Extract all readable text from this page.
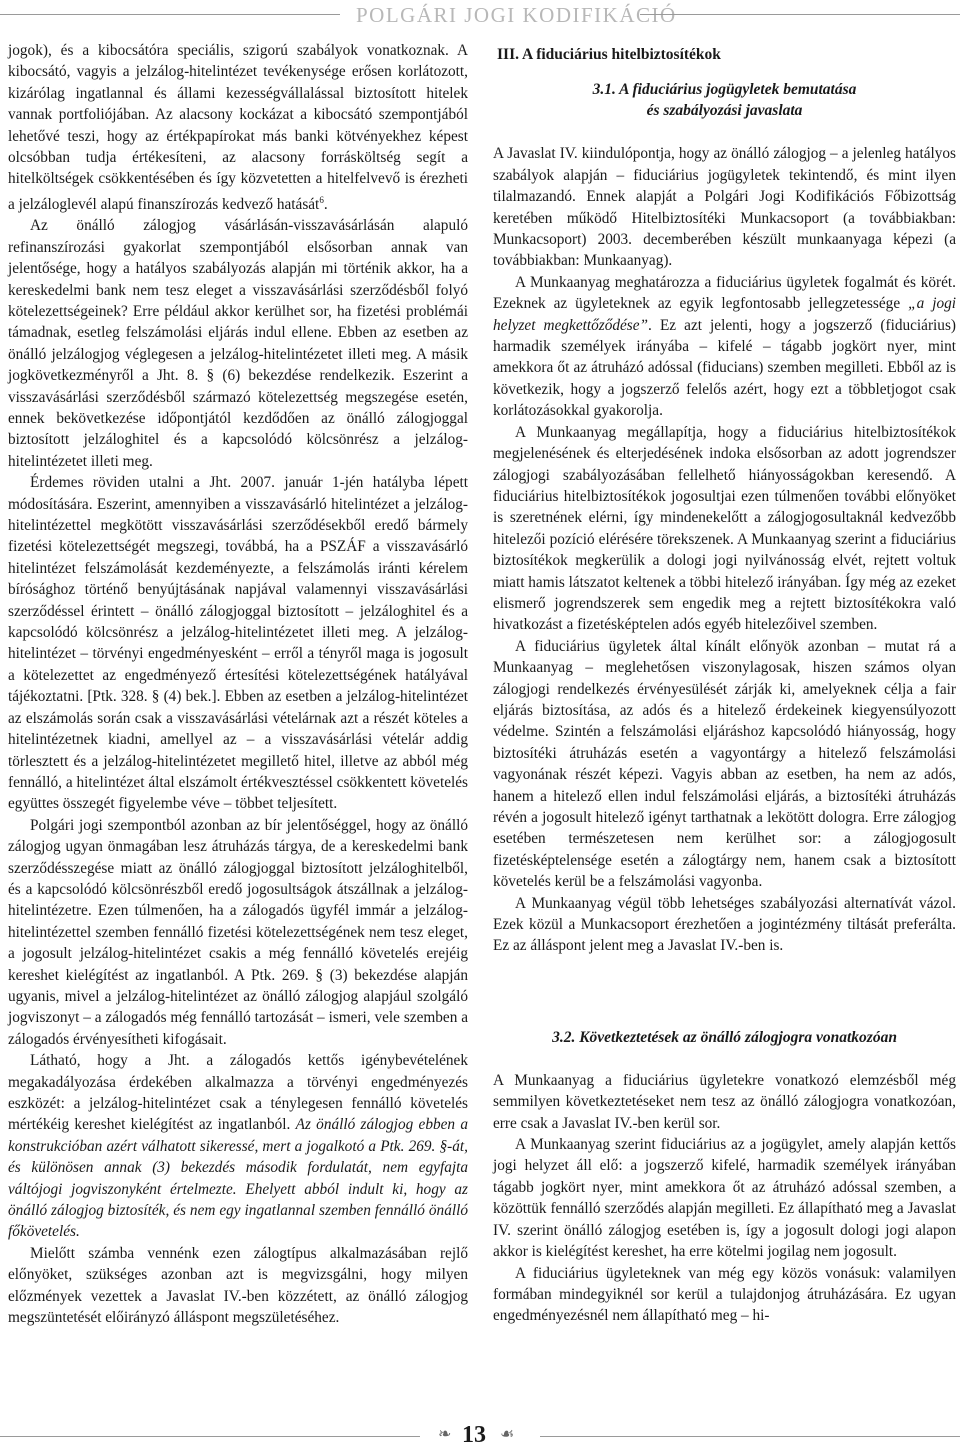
POLGÁRI JOGI KODIFIKÁCIÓ

jogok), és a kibocsátóra speciális, szigorú szabályok vonatkoznak. A kibocsátó, vagyis a jelzálog-hitelintézet tevékenysége erősen korlátozott, kizárólag ingatlannal és állami kezességvállalással biztosított hitelek vannak portfoliójában. Az alacsony kockázat a kibocsátó szempontjából lehetővé teszi, hogy az értékpapírokat más banki kötvényekhez képest olcsóbban tudja értékesíteni, az alacsony forrásköltség segít a hitelköltségek csökkentésében és így közvetetten a hitelfelvevő is érezheti a jelzáloglevél alapú finanszírozás kedvező hatását$^6$.

Az önálló zálogjog vásárlásán-visszavásárlásán alapuló refinanszírozási gyakorlat szempontjából elsősorban annak van jelentősége, hogy a hatályos szabályozás alapján mi történik akkor, ha a kereskedelmi bank nem tesz eleget a visszavásárlási szerződésből folyó kötelezettségeinek? Erre például akkor kerülhet sor, ha fizetési problémái támadnak, esetleg felszámolási eljárás indul ellene. Ebben az esetben az önálló jelzálogjog véglegesen a jelzálog-hitelintézetet illeti meg. A másik jogkövetkezményről a Jht. 8. § (6) bekezdése rendelkezik. Eszerint a visszavásárlási szerződésből származó kötelezettség megszegése esetén, ennek bekövetkezése időpontjától kezdődően az önálló zálogjoggal biztosított jelzáloghitel és a kapcsolódó kölcsönrész a jelzálog-hitelintézetet illeti meg.

Érdemes röviden utalni a Jht. 2007. január 1-jén hatályba lépett módosítására. Eszerint, amennyiben a visszavásárló hitelintézet a jelzálog-hitelintézettel megkötött visszavásárlási szerződésekből eredő bármely fizetési kötelezettségét megszegi, továbbá, ha a PSZÁF a visszavásárló hitelintézet felszámolását kezdeményezte, a felszámolás iránti kérelem bírósághoz történő benyújtásának napjával valamennyi visszavásárlási szerződéssel érintett – önálló zálogjoggal biztosított – jelzáloghitel és a kapcsolódó kölcsönrész a jelzálog-hitelintézetet illeti meg. A jelzálog-hitelintézet – törvényi engedményesként – erről a tényről maga is jogosult a kötelezettet az engedményező értesítési kötelezettségének hatályával tájékoztatni. [Ptk. 328. § (4) bek.]. Ebben az esetben a jelzálog-hitelintézet az elszámolás során csak a visszavásárlási vételárnak azt a részét köteles a hitelintézetnek kiadni, amellyel az – a visszavásárlási vételár addig törlesztett és a jelzálog-hitelintézetet megillető hitel, illetve az abból még fennálló, a hitelintézet által elszámolt értékvesztéssel csökkentett követelés együttes összegét figyelembe véve – többet teljesített.

Polgári jogi szempontból azonban az bír jelentőséggel, hogy az önálló zálogjog ugyan önmagában lesz átruházás tárgya, de a kereskedelmi bank szerződésszegése miatt az önálló zálogjoggal biztosított jelzáloghitelből, és a kapcsolódó kölcsönrészből eredő jogosultságok átszállnak a jelzálog-hitelintézetre. Ezen túlmenően, ha a zálogadós ügyfél immár a jelzálog-hitelintézettel szemben fennálló fizetési kötelezettségének nem tesz eleget, a jogosult jelzálog-hitelintézet csakis a még fennálló követelés erejéig kereshet kielégítést az ingatlanból. A Ptk. 269. § (3) bekezdése alapján ugyanis, mivel a jelzálog-hitelintézet az önálló zálogjog alapjául szolgáló jogviszonyt – a zálogadós még fennálló tartozását – ismeri, vele szemben a zálogadós érvényesítheti kifogásait.

Látható, hogy a Jht. a zálogadós kettős igénybevételének megakadályozása érdekében alkalmazza a törvényi engedményezés eszközét: a jelzálog-hitelintézet csak a ténylegesen fennálló követelés mértékéig kereshet kielégítést az ingatlanból. Az önálló zálogjog ebben a konstrukcióban azért válhatott sikeressé, mert a jogalkotó a Ptk. 269. §-át, és különösen annak (3) bekezdés második fordulatát, nem egyfajta váltójogi jogviszonyként értelmezte. Ehelyett abból indult ki, hogy az önálló zálogjog biztosíték, és nem egy ingatlannal szemben fennálló önálló főkövetelés.

Mielőtt számba vennénk ezen zálogtípus alkalmazásában rejlő előnyöket, szükséges azonban azt is megvizsgálni, hogy milyen előzmények vezettek a Javaslat IV.-ben közzétett, az önálló zálogjog megszüntetését előirányzó álláspont megszületéséhez.

III. A fiduciárius hitelbiztosítékok
3.1. A fiduciárius jogügyletek bemutatása
és szabályozási javaslata

A Javaslat IV. kiindulópontja, hogy az önálló zálogjog – a jelenleg hatályos szabályok alapján – fiduciárius jogügyletek tekintendő, és mint ilyen tilalmazandó. Ennek alapját a Polgári Jogi Kodifikációs Főbizottság keretében működő Hitelbiztosítéki Munkacsoport (a továbbiakban: Munkacsoport) 2003. decemberében készült munkaanyaga képezi (a továbbiakban: Munkaanyag).

A Munkaanyag meghatározza a fiduciárius ügyletek fogalmát és körét. Ezeknek az ügyleteknek az egyik legfontosabb jellegzetessége „a jogi helyzet megkettőződése”. Ez azt jelenti, hogy a jogszerző (fiduciárius) harmadik személyek irányába – kifelé – tágabb jogkört nyer, mint amekkora őt az átruházó adóssal (fiducians) szemben megilleti. Ebből az is következik, hogy a jogszerző felelős azért, hogy ezt a többletjogot csak korlátozásokkal gyakorolja.

A Munkaanyag megállapítja, hogy a fiduciárius hitelbiztosítékok megjelenésének és elterjedésének indoka elsősorban az adott jogrendszer zálogjogi szabályozásában fellelhető hiányosságokban keresendő. A fiduciárius hitelbiztosítékok jogosultjai ezen túlmenően további előnyöket is szeretnének elérni, így mindenekelőtt a zálogjogosultaknál kedvezőbb hitelezői pozíció elérésére törekszenek. A Munkaanyag szerint a fiduciárius biztosítékok megkerülik a dologi jogi nyilvánosság elvét, rejtett voltuk miatt hamis látszatot keltenek a többi hitelező irányában. Így még az ezeket elismerő jogrendszerek sem engedik meg a rejtett biztosítékokra való hivatkozást a fizetésképtelen adós egyéb hitelezőivel szemben.

A fiduciárius ügyletek által kínált előnyök azonban – mutat rá a Munkaanyag – meglehetősen viszonylagosak, hiszen számos olyan zálogjogi rendelkezés érvényesülését zárják ki, amelyeknek célja a fair eljárás biztosítása, az adós és a hitelező érdekeinek kiegyensúlyozott védelme. Szintén a felszámolási eljáráshoz kapcsolódó hiányosság, hogy biztosítéki átruházás esetén a vagyontárgy a hitelező felszámolási vagyonának részét képezi. Vagyis abban az esetben, ha nem az adós, hanem a hitelező ellen indul felszámolási eljárás, a biztosítéki átruházás révén a jogosult hitelező igényt tarthatnak a lekötött dologra. Erre zálogjog esetében természetesen nem kerülhet sor: a zálogjogosult fizetésképtelensége esetén a zálogtárgy nem, hanem csak a biztosított követelés kerül be a felszámolási vagyonba.

A Munkaanyag végül több lehetséges szabályozási alternatívát vázol. Ezek közül a Munkacsoport érezhetően a jogintézmény tiltását preferálta. Ez az álláspont jelent meg a Javaslat IV.-ben is.

3.2. Következtetések az önálló zálogjogra vonatkozóan

A Munkaanyag a fiduciárius ügyletekre vonatkozó elemzésből még semmilyen következtetéseket nem tesz az önálló zálogjogra vonatkozóan, erre csak a Javaslat IV.-ben kerül sor.

A Munkaanyag szerint fiduciárius az a jogügylet, amely alapján kettős jogi helyzet áll elő: a jogszerző kifelé, harmadik személyek irányában tágabb jogkört nyer, mint amekkora őt az átruházó adóssal szemben, a közöttük fennálló szerződés alapján megilleti. Ez állapítható meg a Javaslat IV. szerint önálló zálogjog esetében is, így a jogosult dologi jogi alapon akkor is kielégítést kereshet, ha erre kötelmi jogilag nem jogosult.

A fiduciárius ügyleteknek van még egy közös vonásuk: valamilyen formában mindegyiknél sor kerül a tulajdonjog átruházására. Ez ugyan engedményezésnél nem állapítható meg – hi-

❧ 13 ☙
